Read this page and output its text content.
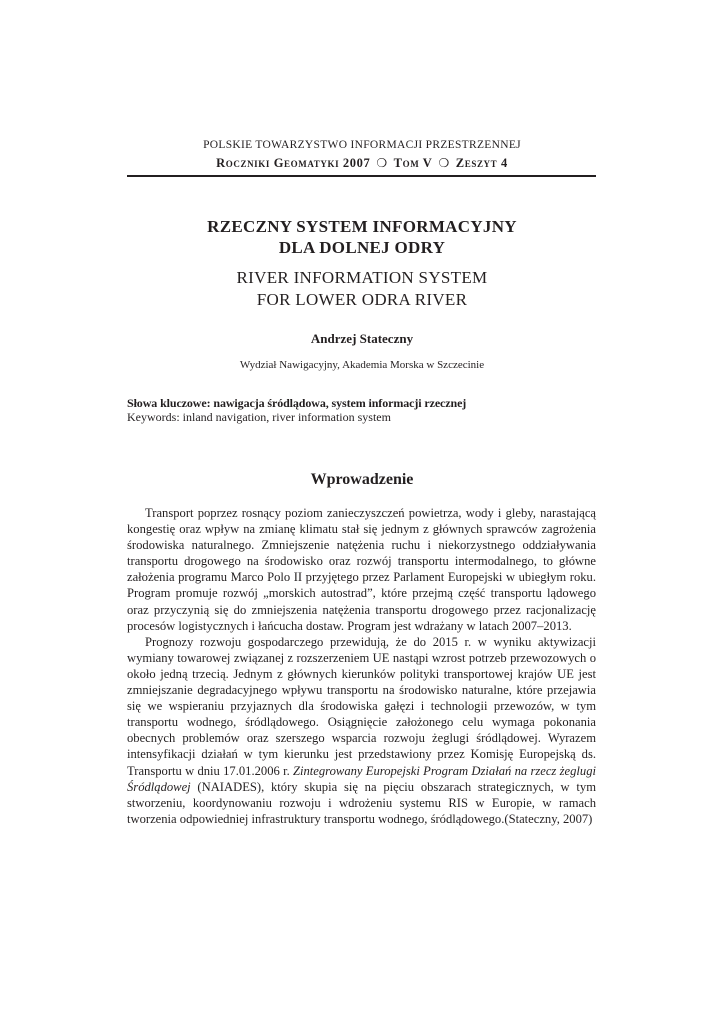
POLSKIE TOWARZYSTWO INFORMACJI PRZESTRZENNEJ
Roczniki Geomatyki 2007 ❍ Tom V ❍ Zeszyt 4
RZECZNY SYSTEM INFORMACYJNY
DLA DOLNEJ ODRY
RIVER INFORMATION SYSTEM
FOR LOWER ODRA RIVER
Andrzej Stateczny
Wydział Nawigacyjny, Akademia Morska w Szczecinie
Słowa kluczowe: nawigacja śródlądowa, system informacji rzecznej
Keywords: inland navigation, river information system
Wprowadzenie

Transport poprzez rosnący poziom zanieczyszczeń powietrza, wody i gleby, narastającą kongestię oraz wpływ na zmianę klimatu stał się jednym z głównych sprawców zagrożenia środowiska naturalnego. Zmniejszenie natężenia ruchu i niekorzystnego oddziaływania transportu drogowego na środowisko oraz rozwój transportu intermodalnego, to główne założenia programu Marco Polo II przyjętego przez Parlament Europejski w ubiegłym roku. Program promuje rozwój „morskich autostrad”, które przejmą część transportu lądowego oraz przyczynią się do zmniejszenia natężenia transportu drogowego przez racjonalizację procesów logistycznych i łańcucha dostaw. Program jest wdrażany w latach 2007–2013.

Prognozy rozwoju gospodarczego przewidują, że do 2015 r. w wyniku aktywizacji wymiany towarowej związanej z rozszerzeniem UE nastąpi wzrost potrzeb przewozowych o około jedną trzecią. Jednym z głównych kierunków polityki transportowej krajów UE jest zmniejszanie degradacyjnego wpływu transportu na środowisko naturalne, które przejawia się we wspieraniu przyjaznych dla środowiska gałęzi i technologii przewozów, w tym transportu wodnego, śródlądowego. Osiągnięcie założonego celu wymaga pokonania obecnych problemów oraz szerszego wsparcia rozwoju żeglugi śródlądowej. Wyrazem intensyfikacji działań w tym kierunku jest przedstawiony przez Komisję Europejską ds. Transportu w dniu 17.01.2006 r. Zintegrowany Europejski Program Działań na rzecz żeglugi Śródlądowej (NAIADES), który skupia się na pięciu obszarach strategicznych, w tym stworzeniu, koordynowaniu rozwoju i wdrożeniu systemu RIS w Europie, w ramach tworzenia odpowiedniej infrastruktury transportu wodnego, śródlądowego.(Stateczny, 2007)
